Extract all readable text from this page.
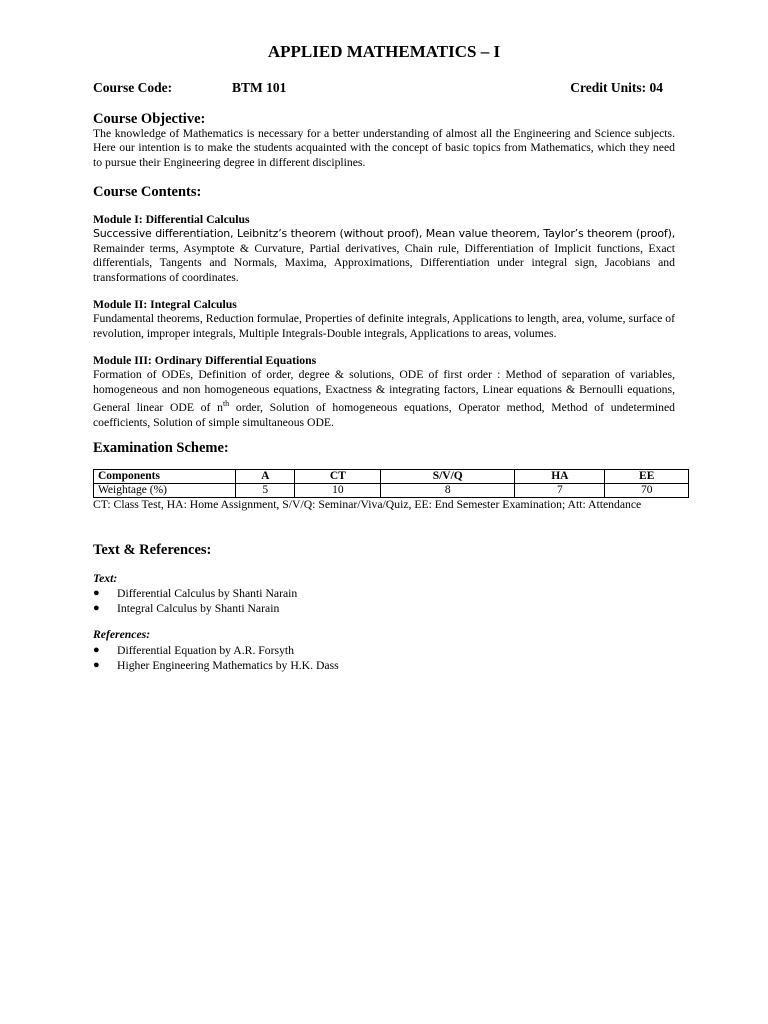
APPLIED MATHEMATICS – I
Course Code:	BTM 101	Credit Units: 04
Course Objective:
The knowledge of Mathematics is necessary for a better understanding of almost all the Engineering and Science subjects. Here our intention is to make the students acquainted with the concept of basic topics from Mathematics, which they need to pursue their Engineering degree in different disciplines.
Course Contents:
Module I: Differential Calculus
Successive differentiation, Leibnitz’s theorem (without proof), Mean value theorem, Taylor’s theorem (proof), Remainder terms, Asymptote & Curvature, Partial derivatives, Chain rule, Differentiation of Implicit functions, Exact differentials, Tangents and Normals, Maxima, Approximations, Differentiation under integral sign, Jacobians and transformations of coordinates.
Module II: Integral Calculus
Fundamental theorems, Reduction formulae, Properties of definite integrals, Applications to length, area, volume, surface of revolution, improper integrals, Multiple Integrals-Double integrals, Applications to areas, volumes.
Module III: Ordinary Differential Equations
Formation of ODEs, Definition of order, degree & solutions, ODE of first order : Method of separation of variables, homogeneous and non homogeneous equations, Exactness & integrating factors, Linear equations & Bernoulli equations, General linear ODE of $n^{th}$ order, Solution of homogeneous equations, Operator method, Method of undetermined coefficients, Solution of simple simultaneous ODE.
Examination Scheme:
Components	A	CT	S/V/Q	HA	EE
Weightage (%)	5	10	8	7	70
CT: Class Test, HA: Home Assignment, S/V/Q: Seminar/Viva/Quiz, EE: End Semester Examination; Att: Attendance
Text & References:
Text:
● Differential Calculus by Shanti Narain
● Integral Calculus by Shanti Narain
References:
● Differential Equation by A.R. Forsyth
● Higher Engineering Mathematics by H.K. Dass
